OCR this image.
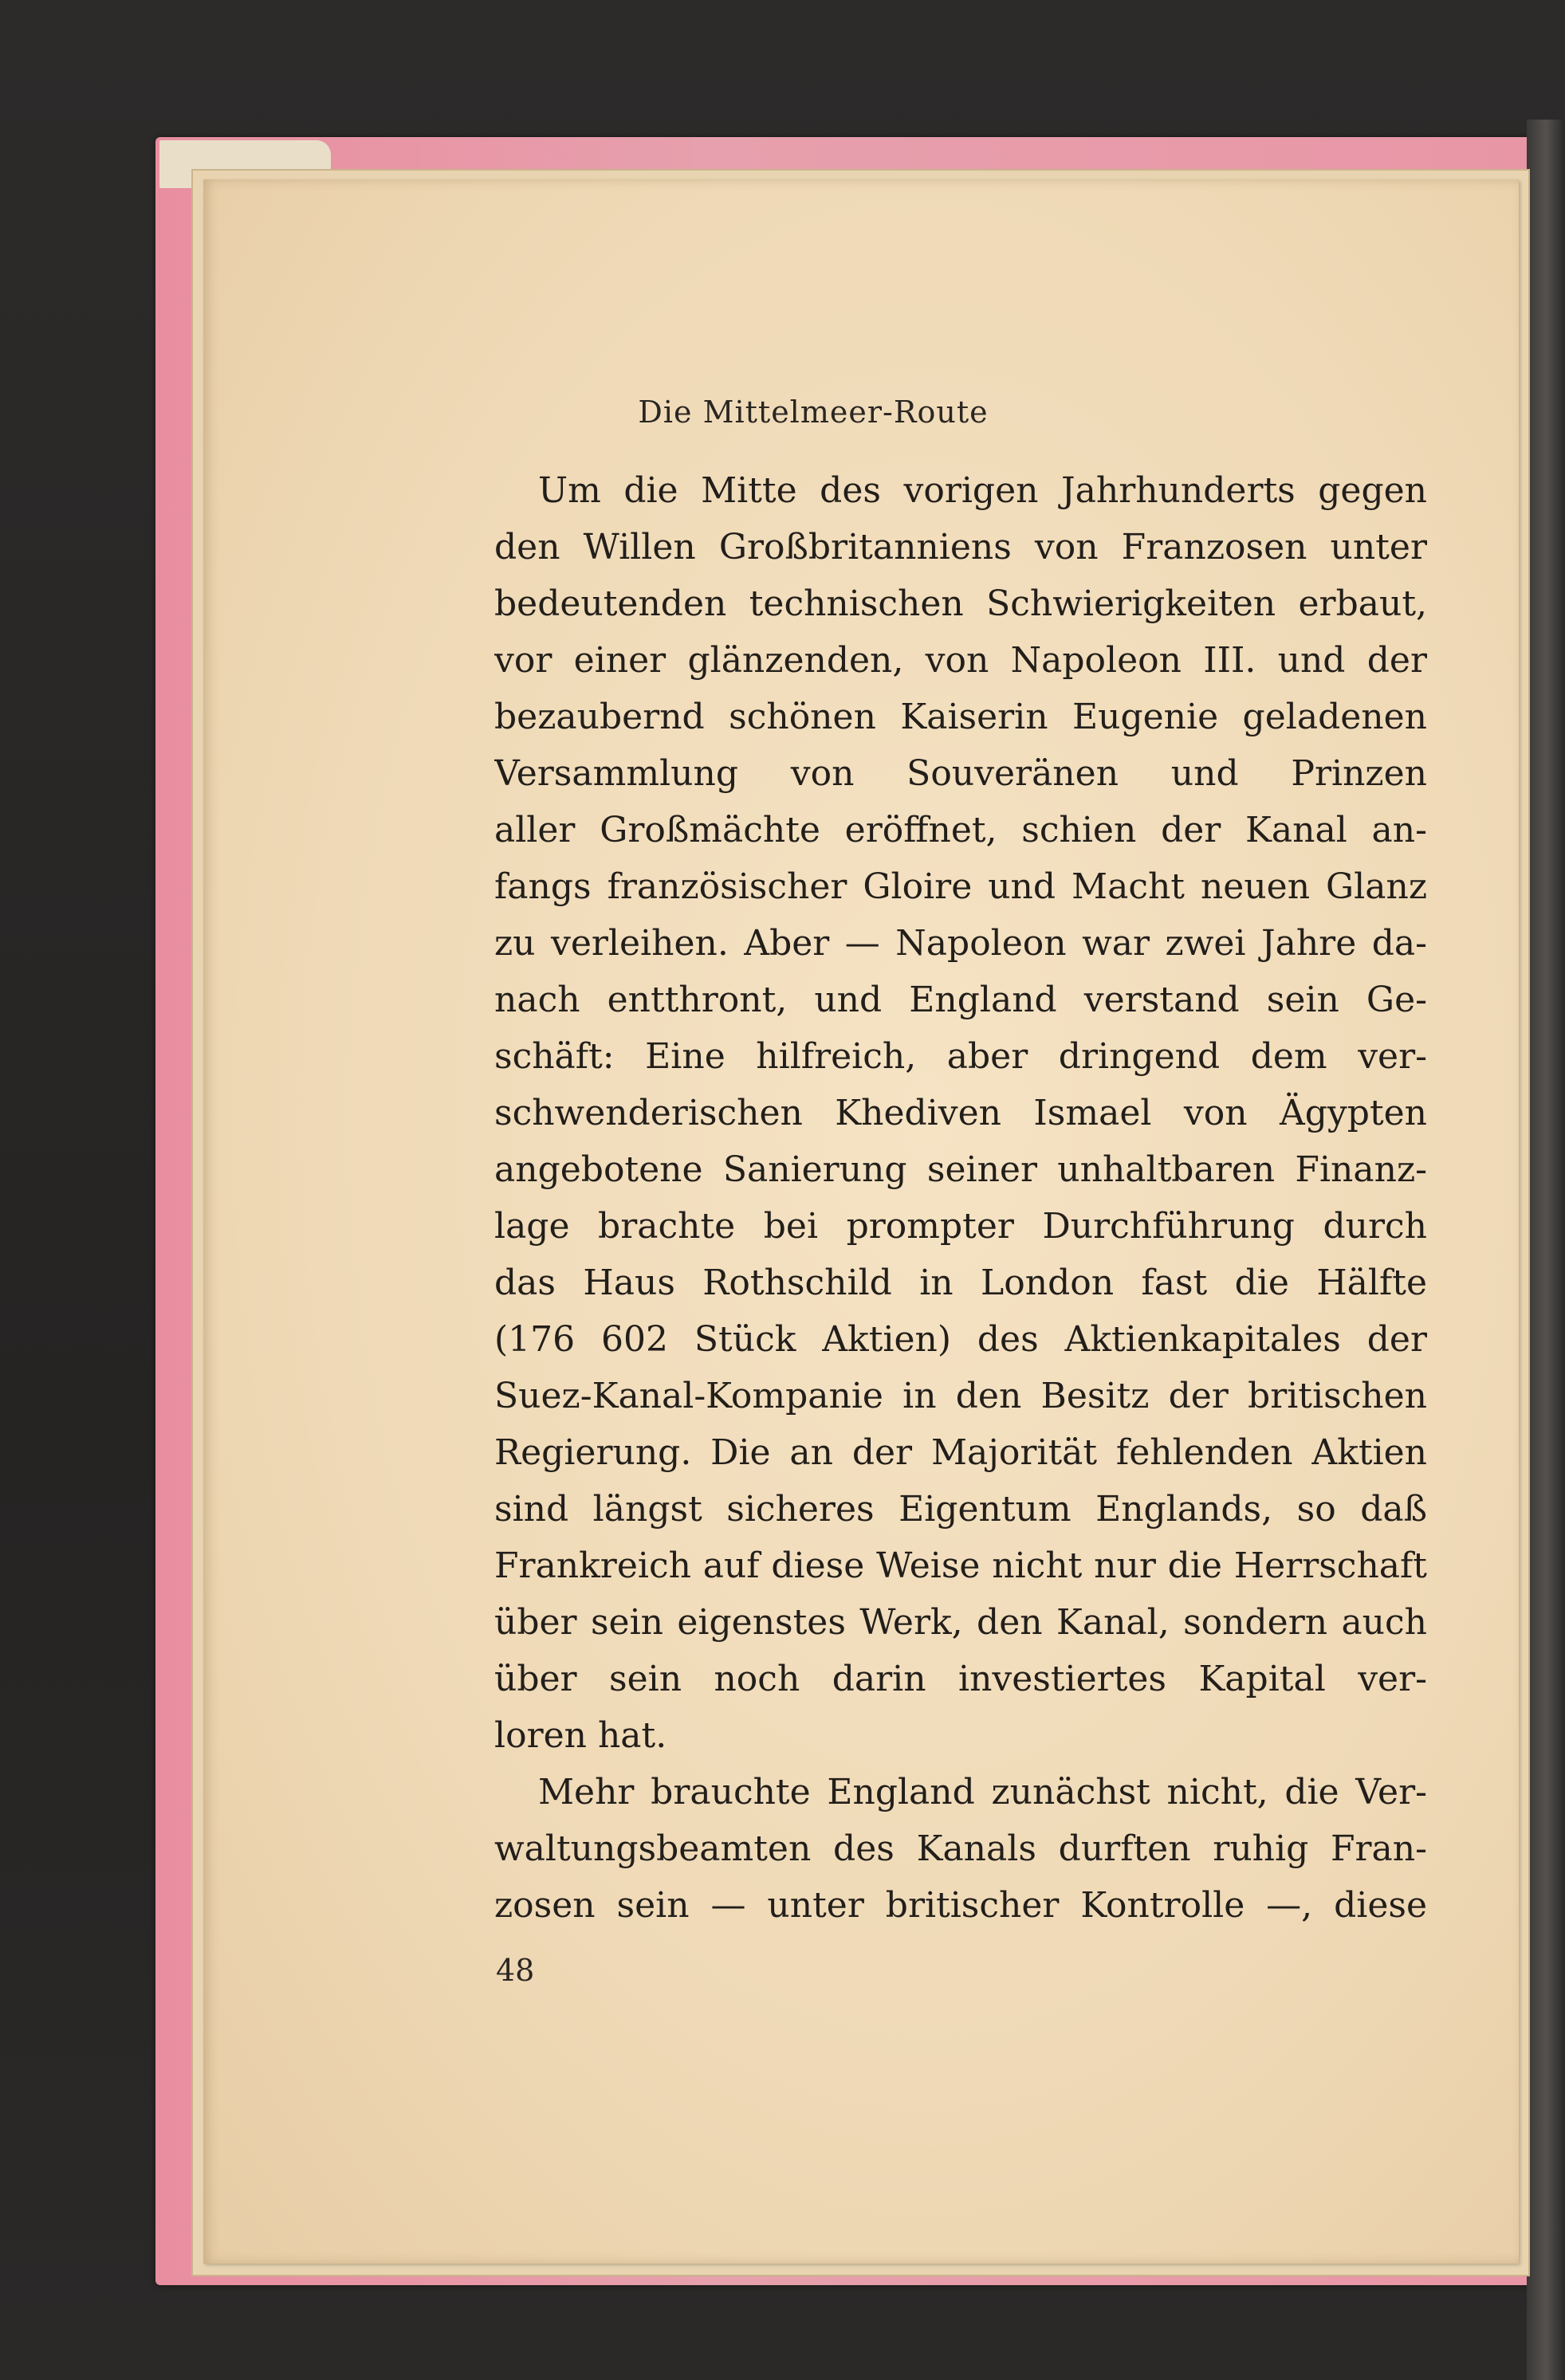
Die Mittelmeer-Route
Um die Mitte des vorigen Jahrhunderts gegen
den Willen Großbritanniens von Franzosen unter
bedeutenden technischen Schwierigkeiten erbaut,
vor einer glänzenden, von Napoleon III. und der
bezaubernd schönen Kaiserin Eugenie geladenen
Versammlung von Souveränen und Prinzen
aller Großmächte eröffnet, schien der Kanal an-
fangs französischer Gloire und Macht neuen Glanz
zu verleihen. Aber — Napoleon war zwei Jahre da-
nach entthront, und England verstand sein Ge-
schäft: Eine hilfreich, aber dringend dem ver-
schwenderischen Khediven Ismael von Ägypten
angebotene Sanierung seiner unhaltbaren Finanz-
lage brachte bei prompter Durchführung durch
das Haus Rothschild in London fast die Hälfte
(176 602 Stück Aktien) des Aktienkapitales der
Suez-Kanal-Kompanie in den Besitz der britischen
Regierung. Die an der Majorität fehlenden Aktien
sind längst sicheres Eigentum Englands, so daß
Frankreich auf diese Weise nicht nur die Herrschaft
über sein eigenstes Werk, den Kanal, sondern auch
über sein noch darin investiertes Kapital ver-
loren hat.
Mehr brauchte England zunächst nicht, die Ver-
waltungsbeamten des Kanals durften ruhig Fran-
zosen sein — unter britischer Kontrolle —, diese
48
